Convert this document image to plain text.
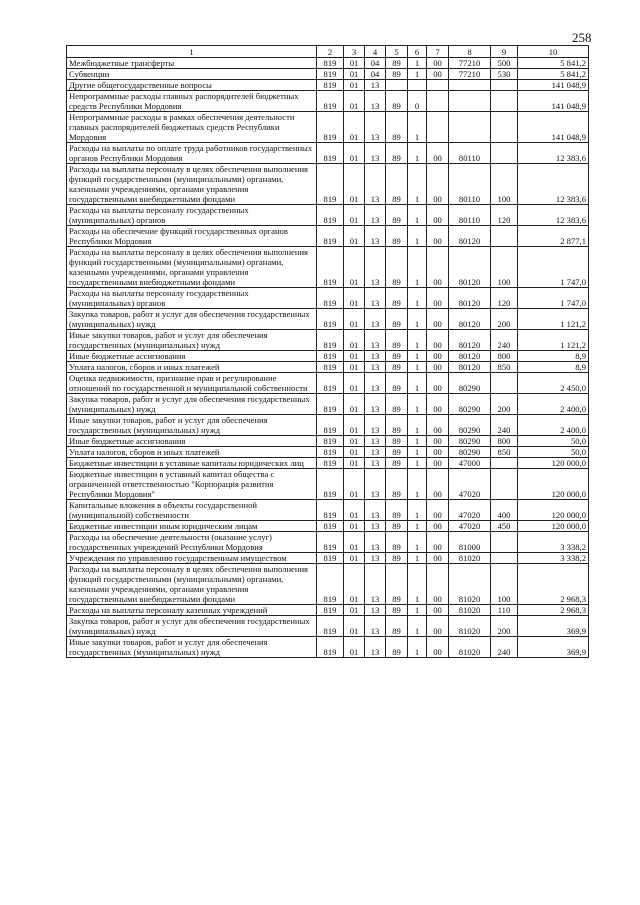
258
1	2	3	4	5	6	7	8	9	10
Межбюджетные трансферты	819	01	04	89	1	00	77210	500	5 841,2
Субвенции	819	01	04	89	1	00	77210	530	5 841,2
Другие общегосударственные вопросы	819	01	13						141 048,9
Непрограммные расходы главных распорядителей бюджетных средств Республики Мордовия	819	01	13	89	0				141 048,9
Непрограммные расходы в рамках обеспечения деятельности главных распорядителей бюджетных средств Республики Мордовия	819	01	13	89	1				141 048,9
Расходы на выплаты по оплате труда работников государственных органов Республики Мордовия	819	01	13	89	1	00	80110		12 383,6
Расходы на выплаты персоналу в целях обеспечения выполнения функций государственными (муниципальными) органами, казенными учреждениями, органами управления государственными внебюджетными фондами	819	01	13	89	1	00	80110	100	12 383,6
Расходы на выплаты персоналу государственных (муниципальных) органов	819	01	13	89	1	00	80110	120	12 383,6
Расходы на обеспечение функций государственных органов Республики Мордовия	819	01	13	89	1	00	80120		2 877,1
Расходы на выплаты персоналу в целях обеспечения выполнения функций государственными (муниципальными) органами, казенными учреждениями, органами управления государственными внебюджетными фондами	819	01	13	89	1	00	80120	100	1 747,0
Расходы на выплаты персоналу государственных (муниципальных) органов	819	01	13	89	1	00	80120	120	1 747,0
Закупка товаров, работ и услуг для обеспечения государственных (муниципальных) нужд	819	01	13	89	1	00	80120	200	1 121,2
Иные закупки товаров, работ и услуг для обеспечения государственных (муниципальных) нужд	819	01	13	89	1	00	80120	240	1 121,2
Иные бюджетные ассигнования	819	01	13	89	1	00	80120	800	8,9
Уплата налогов, сборов и иных платежей	819	01	13	89	1	00	80120	850	8,9
Оценка недвижимости, признание прав и регулирование отношений по государственной и муниципальной собственности	819	01	13	89	1	00	80290		2 450,0
Закупка товаров, работ и услуг для обеспечения государственных (муниципальных) нужд	819	01	13	89	1	00	80290	200	2 400,0
Иные закупки товаров, работ и услуг для обеспечения государственных (муниципальных) нужд	819	01	13	89	1	00	80290	240	2 400,0
Иные бюджетные ассигнования	819	01	13	89	1	00	80290	800	50,0
Уплата налогов, сборов и иных платежей	819	01	13	89	1	00	80290	850	50,0
Бюджетные инвестиции в уставные капиталы юридических лиц	819	01	13	89	1	00	47000		120 000,0
Бюджетные инвестиции в уставный капитал общества с ограниченной ответственностью "Корпорация развития Республики Мордовия"	819	01	13	89	1	00	47020		120 000,0
Капитальные вложения в объекты государственной (муниципальной) собственности	819	01	13	89	1	00	47020	400	120 000,0
Бюджетные инвестиции иным юридическим лицам	819	01	13	89	1	00	47020	450	120 000,0
Расходы на обеспечение деятельности (оказание услуг) государственных учреждений Республики Мордовия	819	01	13	89	1	00	81000		3 338,2
Учреждения по управлению государственным имуществом	819	01	13	89	1	00	81020		3 338,2
Расходы на выплаты персоналу в целях обеспечения выполнения функций государственными (муниципальными) органами, казенными учреждениями, органами управления государственными внебюджетными фондами	819	01	13	89	1	00	81020	100	2 968,3
Расходы на выплаты персоналу казенных учреждений	819	01	13	89	1	00	81020	110	2 968,3
Закупка товаров, работ и услуг для обеспечения государственных (муниципальных) нужд	819	01	13	89	1	00	81020	200	369,9
Иные закупки товаров, работ и услуг для обеспечения государственных (муниципальных) нужд	819	01	13	89	1	00	81020	240	369,9
